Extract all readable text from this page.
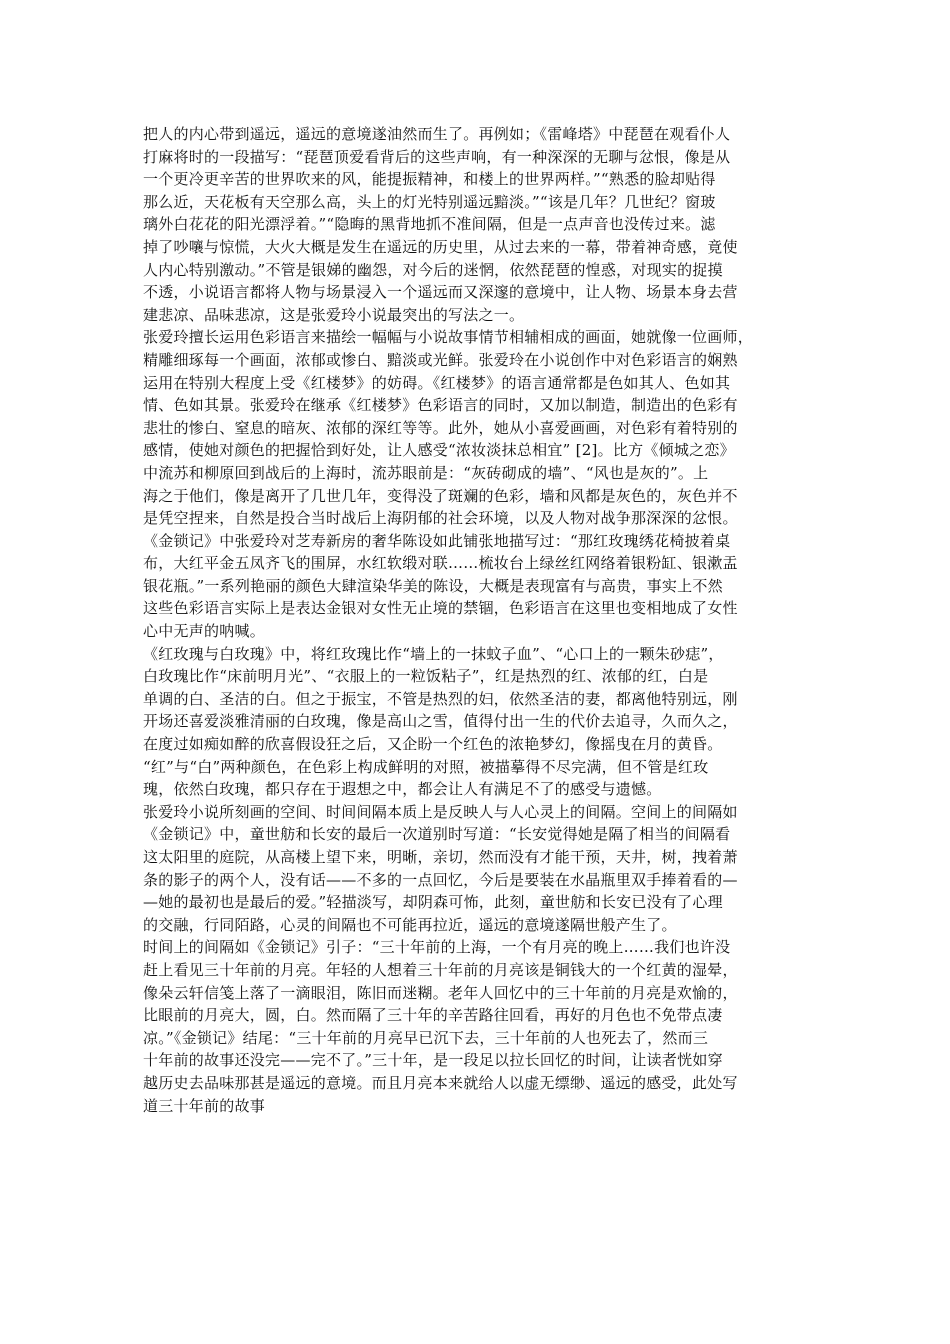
把人的内心带到遥远，遥远的意境遂油然而生了。再例如；《雷峰塔》中琵琶在观看仆人
打麻将时的一段描写：“琵琶顶爱看背后的这些声响，有一种深深的无聊与忿恨，像是从
一个更冷更辛苦的世界吹来的风，能提振精神，和楼上的世界两样。”“熟悉的脸却贴得
那么近，天花板有天空那么高，头上的灯光特别遥远黯淡。”“该是几年？几世纪？窗玻
璃外白花花的阳光漂浮着。”“隐晦的黑背地抓不准间隔，但是一点声音也没传过来。滤
掉了吵嚷与惊慌，大火大概是发生在遥远的历史里，从过去来的一幕，带着神奇感，竟使
人内心特别激动。”不管是银娣的幽怨，对今后的迷惘，依然琵琶的惶惑，对现实的捉摸
不透，小说语言都将人物与场景浸入一个遥远而又深邃的意境中，让人物、场景本身去营
建悲凉、品味悲凉，这是张爱玲小说最突出的写法之一。
张爱玲擅长运用色彩语言来描绘一幅幅与小说故事情节相辅相成的画面，她就像一位画师，
精雕细琢每一个画面，浓郁或惨白、黯淡或光鲜。张爱玲在小说创作中对色彩语言的娴熟
运用在特别大程度上受《红楼梦》的妨碍。《红楼梦》的语言通常都是色如其人、色如其
情、色如其景。张爱玲在继承《红楼梦》色彩语言的同时，又加以制造，制造出的色彩有
悲壮的惨白、窒息的暗灰、浓郁的深红等等。此外，她从小喜爱画画，对色彩有着特别的
感情，使她对颜色的把握恰到好处，让人感受“浓妆淡抹总相宜” [2]。比方《倾城之恋》
中流苏和柳原回到战后的上海时，流苏眼前是：“灰砖砌成的墙”、“风也是灰的”。上
海之于他们，像是离开了几世几年，变得没了斑斓的色彩，墙和风都是灰色的，灰色并不
是凭空捏来，自然是投合当时战后上海阴郁的社会环境，以及人物对战争那深深的忿恨。
《金锁记》中张爱玲对芝寿新房的奢华陈设如此铺张地描写过：“那红玫瑰绣花椅披着桌
布，大红平金五凤齐飞的围屏，水红软缎对联……梳妆台上绿丝红网络着银粉缸、银漱盂
银花瓶。”一系列艳丽的颜色大肆渲染华美的陈设，大概是表现富有与高贵，事实上不然
这些色彩语言实际上是表达金银对女性无止境的禁锢，色彩语言在这里也变相地成了女性
心中无声的呐喊。
《红玫瑰与白玫瑰》中，将红玫瑰比作“墙上的一抹蚊子血”、“心口上的一颗朱砂痣”，
白玫瑰比作“床前明月光”、“衣服上的一粒饭粘子”，红是热烈的红、浓郁的红，白是
单调的白、圣洁的白。但之于振宝，不管是热烈的妇，依然圣洁的妻，都离他特别远，刚
开场还喜爱淡雅清丽的白玫瑰，像是高山之雪，值得付出一生的代价去追寻，久而久之，
在度过如痴如醉的欣喜假设狂之后，又企盼一个红色的浓艳梦幻，像摇曳在月的黄昏。
“红”与“白”两种颜色，在色彩上构成鲜明的对照，被描摹得不尽完满，但不管是红玫
瑰，依然白玫瑰，都只存在于遐想之中，都会让人有满足不了的感受与遗憾。
张爱玲小说所刻画的空间、时间间隔本质上是反映人与人心灵上的间隔。空间上的间隔如
《金锁记》中，童世舫和长安的最后一次道别时写道：“长安觉得她是隔了相当的间隔看
这太阳里的庭院，从高楼上望下来，明晰，亲切，然而没有才能干预，天井，树，拽着萧
条的影子的两个人，没有话——不多的一点回忆，今后是要装在水晶瓶里双手捧着看的—
—她的最初也是最后的爱。”轻描淡写，却阴森可怖，此刻，童世舫和长安已没有了心理
的交融，行同陌路，心灵的间隔也不可能再拉近，遥远的意境遂隔世般产生了。
时间上的间隔如《金锁记》引子：“三十年前的上海，一个有月亮的晚上……我们也许没
赶上看见三十年前的月亮。年轻的人想着三十年前的月亮该是铜钱大的一个红黄的湿晕，
像朵云轩信笺上落了一滴眼泪，陈旧而迷糊。老年人回忆中的三十年前的月亮是欢愉的，
比眼前的月亮大，圆，白。然而隔了三十年的辛苦路往回看，再好的月色也不免带点凄
凉。”《金锁记》结尾：“三十年前的月亮早已沉下去，三十年前的人也死去了，然而三
十年前的故事还没完——完不了。”三十年，是一段足以拉长回忆的时间，让读者恍如穿
越历史去品味那甚是遥远的意境。而且月亮本来就给人以虚无缥缈、遥远的感受，此处写
道三十年前的故事
